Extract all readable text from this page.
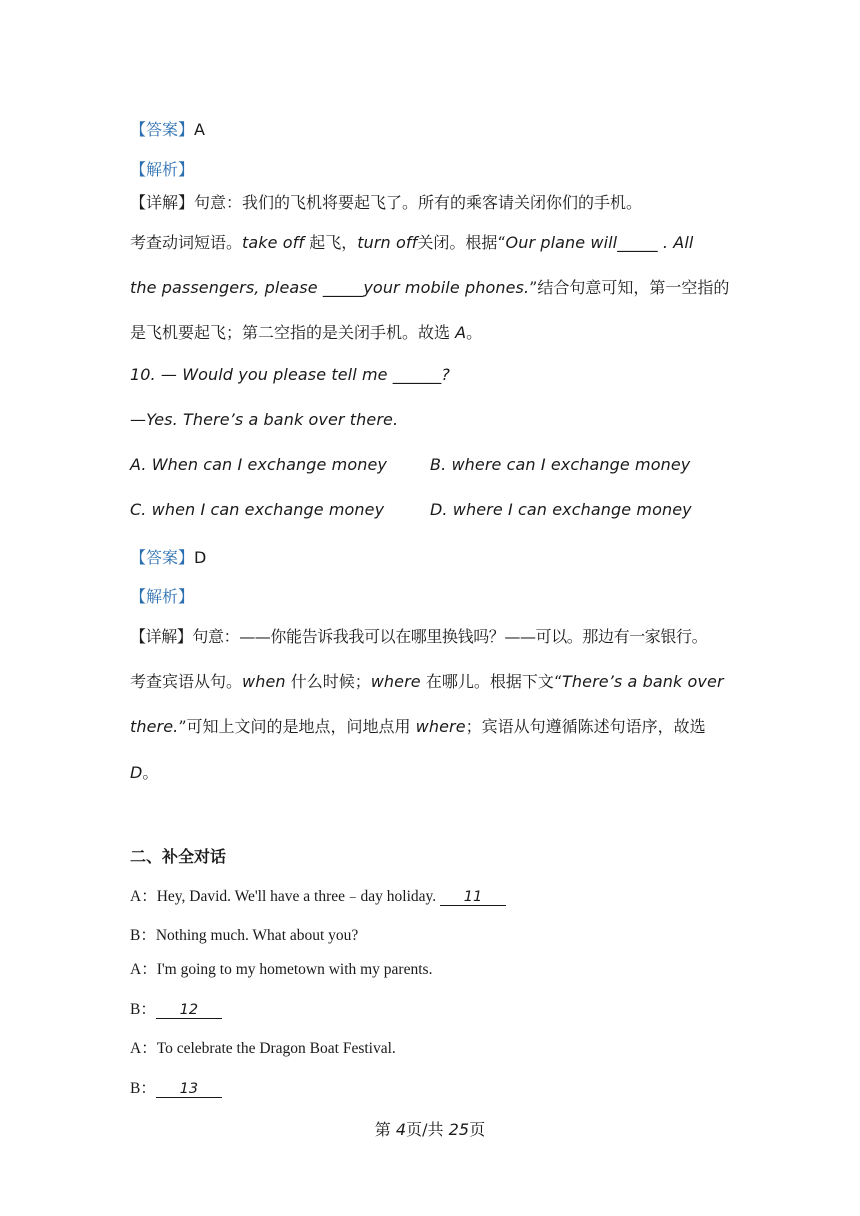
【答案】A
【解析】
【详解】句意：我们的飞机将要起飞了。所有的乘客请关闭你们的手机。
考查动词短语。take off 起飞，turn off关闭。根据“Our plane will_____ . All
the passengers, please _____your mobile phones.”结合句意可知，第一空指的
是飞机要起飞；第二空指的是关闭手机。故选 A。
10. — Would you please tell me ______?
—Yes. There’s a bank over there.
A. When can I exchange money	B. where can I exchange money
C. when I can exchange money	D. where I can exchange money
【答案】D
【解析】
【详解】句意：——你能告诉我我可以在哪里换钱吗？——可以。那边有一家银行。
考查宾语从句。when 什么时候；where 在哪儿。根据下文“There’s a bank over
there.”可知上文问的是地点，问地点用 where；宾语从句遵循陈述句语序，故选
D。
二、补全对话
A：Hey, David. We'll have a three﹣day holiday. 11
B：Nothing much. What about you?
A：I'm going to my hometown with my parents.
B： 12
A：To celebrate the Dragon Boat Festival.
B： 13
第 4页/共 25页
